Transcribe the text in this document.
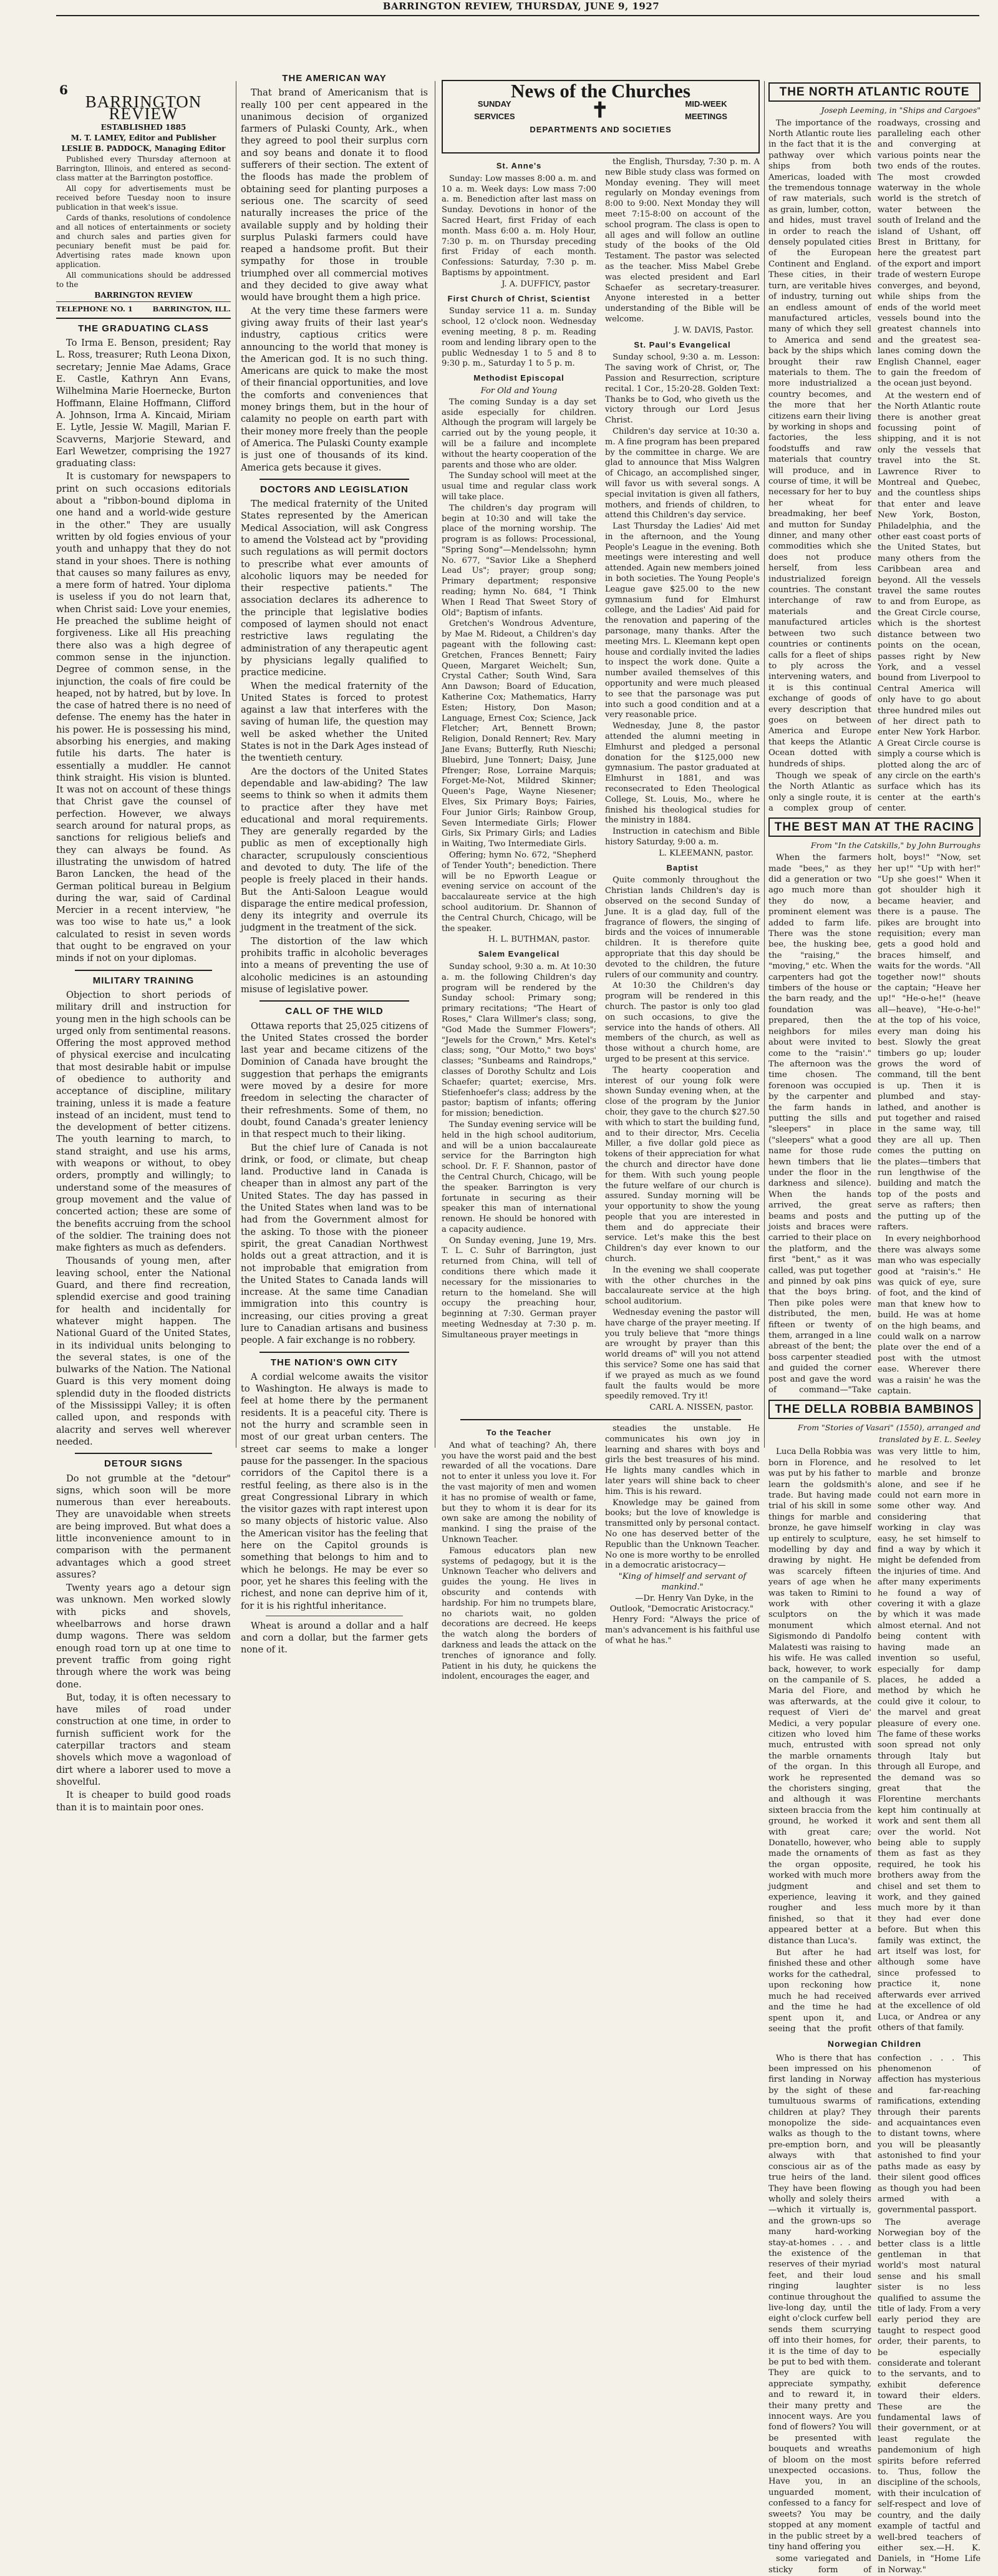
BARRINGTON REVIEW, THURSDAY, JUNE 9, 1927
6
BARRINGTON REVIEW

ESTABLISHED 1885

M. T. LAMEY, Editor and Publisher

LESLIE B. PADDOCK, Managing Editor

Published every Thursday afternoon at Barrington, Illinois, and entered as second-class matter at the Barrington postoffice.

All copy for advertisements must be received before Tuesday noon to insure publication in that week's issue.

Cards of thanks, resolutions of condolence and all notices of entertainments or society and church sales and parties given for pecuniary benefit must be paid for. Advertising rates made known upon application.

All communications should be addressed to the

BARRINGTON REVIEW

TELEPHONE NO. 1	BARRINGTON, ILL.
THE GRADUATING CLASS

To Irma E. Benson, president; Ray L. Ross, treasurer; Ruth Leona Dixon, secretary; Jennie Mae Adams, Grace E. Castle, Kathryn Ann Evans, Wilhelmina Marie Hoernecke, Burton Hoffmann, Elaine Hoffmann, Clifford A. Johnson, Irma A. Kincaid, Miriam E. Lytle, Jessie W. Magill, Marian F. Scavverns, Marjorie Steward, and Earl Wewetzer, comprising the 1927 graduating class:

It is customary for newspapers to print on such occasions editorials about a "ribbon-bound diploma in one hand and a world-wide gesture in the other." They are usually written by old fogies envious of your youth and unhappy that they do not stand in your shoes. There is nothing that causes so many failures as envy, a mere form of hatred. Your diploma is useless if you do not learn that, when Christ said: Love your enemies, He preached the sublime height of forgiveness. Like all His preaching there also was a high degree of common sense in the injunction. Degree of common sense, in the injunction, the coals of fire could be heaped, not by hatred, but by love. In the case of hatred there is no need of defense. The enemy has the hater in his power. He is possessing his mind, absorbing his energies, and making futile his darts. The hater is essentially a muddler. He cannot think straight. His vision is blunted. It was not on account of these things that Christ gave the counsel of perfection. However, we always search around for natural props, as sanctions for religious beliefs and they can always be found. As illustrating the unwisdom of hatred Baron Lancken, the head of the German political bureau in Belgium during the war, said of Cardinal Mercier in a recent interview, "he was too wise to hate us," a look calculated to resist in seven words that ought to be engraved on your minds if not on your diplomas.

MILITARY TRAINING

Objection to short periods of military drill and instruction for young men in the high schools can be urged only from sentimental reasons. Offering the most approved method of physical exercise and inculcating that most desirable habit or impulse of obedience to authority and acceptance of discipline, military training, unless it is made a feature instead of an incident, must tend to the development of better citizens. The youth learning to march, to stand straight, and use his arms, with weapons or without, to obey orders, promptly and willingly; to understand some of the measures of group movement and the value of concerted action; these are some of the benefits accruing from the school of the soldier. The training does not make fighters as much as defenders.

Thousands of young men, after leaving school, enter the National Guard, and there find recreation, splendid exercise and good training for health and incidentally for whatever might happen. The National Guard of the United States, in its individual units belonging to the several states, is one of the bulwarks of the Nation. The National Guard is this very moment doing splendid duty in the flooded districts of the Mississippi Valley; it is often called upon, and responds with alacrity and serves well wherever needed.

DETOUR SIGNS

Do not grumble at the "detour" signs, which soon will be more numerous than ever hereabouts. They are unavoidable when streets are being improved. But what does a little inconvenience amount to in comparison with the permanent advantages which a good street assures?

Twenty years ago a detour sign was unknown. Men worked slowly with picks and shovels, wheelbarrows and horse drawn dump wagons. There was seldom enough road torn up at one time to prevent traffic from going right through where the work was being done.

But, today, it is often necessary to have miles of road under construction at one time, in order to furnish sufficient work for the caterpillar tractors and steam shovels which move a wagonload of dirt where a laborer used to move a shovelful.

It is cheaper to build good roads than it is to maintain poor ones.

THE AMERICAN WAY

That brand of Americanism that is really 100 per cent appeared in the unanimous decision of organized farmers of Pulaski County, Ark., when they agreed to pool their surplus corn and soy beans and donate it to flood sufferers of their section. The extent of the floods has made the problem of obtaining seed for planting purposes a serious one. The scarcity of seed naturally increases the price of the available supply and by holding their surplus Pulaski farmers could have reaped a handsome profit. But their sympathy for those in trouble triumphed over all commercial motives and they decided to give away what would have brought them a high price.

At the very time these farmers were giving away fruits of their last year's industry, captious critics were announcing to the world that money is the American god. It is no such thing. Americans are quick to make the most of their financial opportunities, and love the comforts and conveniences that money brings them, but in the hour of calamity no people on earth part with their money more freely than the people of America. The Pulaski County example is just one of thousands of its kind. America gets because it gives.

DOCTORS AND LEGISLATION

The medical fraternity of the United States represented by the American Medical Association, will ask Congress to amend the Volstead act by "providing such regulations as will permit doctors to prescribe what ever amounts of alcoholic liquors may be needed for their respective patients." The association declares its adherence to the principle that legislative bodies composed of laymen should not enact restrictive laws regulating the administration of any therapeutic agent by physicians legally qualified to practice medicine.

When the medical fraternity of the United States is forced to protest against a law that interferes with the saving of human life, the question may well be asked whether the United States is not in the Dark Ages instead of the twentieth century.

Are the doctors of the United States dependable and law-abiding? The law seems to think so when it admits them to practice after they have met educational and moral requirements. They are generally regarded by the public as men of exceptionally high character, scrupulously conscientious and devoted to duty. The life of the people is freely placed in their hands. But the Anti-Saloon League would disparage the entire medical profession, deny its integrity and overrule its judgment in the treatment of the sick.

The distortion of the law which prohibits traffic in alcoholic beverages into a means of preventing the use of alcoholic medicines is an astounding misuse of legislative power.

CALL OF THE WILD

Ottawa reports that 25,025 citizens of the United States crossed the border last year and became citizens of the Dominion of Canada have brought the suggestion that perhaps the emigrants were moved by a desire for more freedom in selecting the character of their refreshments. Some of them, no doubt, found Canada's greater leniency in that respect much to their liking.

But the chief lure of Canada is not drink, or food, or climate, but cheap land. Productive land in Canada is cheaper than in almost any part of the United States. The day has passed in the United States when land was to be had from the Government almost for the asking. To those with the pioneer spirit, the great Canadian Northwest holds out a great attraction, and it is not improbable that emigration from the United States to Canada lands will increase. At the same time Canadian immigration into this country is increasing, our cities proving a great lure to Canadian artisans and business people. A fair exchange is no robbery.

THE NATION'S OWN CITY

A cordial welcome awaits the visitor to Washington. He always is made to feel at home there by the permanent residents. It is a peaceful city. There is not the hurry and scramble seen in most of our great urban centers. The street car seems to make a longer pause for the passenger. In the spacious corridors of the Capitol there is a restful feeling, as there also is in the great Congressional Library in which the visitor gazes with rapt interest upon so many objects of historic value. Also the American visitor has the feeling that here on the Capitol grounds is something that belongs to him and to which he belongs. He may be ever so poor, yet he shares this feeling with the richest, and none can deprive him of it, for it is his rightful inheritance.

Wheat is around a dollar and a half and corn a dollar, but the farmer gets none of it.

News of the Churches
SUNDAY
SERVICES	✝	MID-WEEK
MEETINGS
DEPARTMENTS AND SOCIETIES
St. Anne's

Sunday: Low masses 8:00 a. m. and 10 a. m. Week days: Low mass 7:00 a. m. Benediction after last mass on Sunday. Devotions in honor of the Sacred Heart, first Friday of each month. Mass 6:00 a. m. Holy Hour, 7:30 p. m. on Thursday preceding first Friday of each month. Confessions: Saturday, 7:30 p. m. Baptisms by appointment.

J. A. DUFFICY, pastor

First Church of Christ, Scientist

Sunday service 11 a. m. Sunday school, 12 o'clock noon. Wednesday evening meeting, 8 p. m. Reading room and lending library open to the public Wednesday 1 to 5 and 8 to 9:30 p. m., Saturday 1 to 5 p. m.

Methodist Episcopal

For Old and Young

The coming Sunday is a day set aside especially for children. Although the program will largely be carried out by the young people, it will be a failure and incomplete without the hearty cooperation of the parents and those who are older.

The Sunday school will meet at the usual time and regular class work will take place.

The children's day program will begin at 10:30 and will take the place of the morning worship. The program is as follows: Processional, "Spring Song"—Mendelssohn; hymn No. 677, "Savior Like a Shepherd Lead Us"; prayer; group song; Primary department; responsive reading; hymn No. 684, "I Think When I Read That Sweet Story of Old"; Baptism of infants.

Gretchen's Wondrous Adventure, by Mae M. Rideout, a Children's day pageant with the following cast: Gretchen, Frances Bennett; Fairy Queen, Margaret Weichelt; Sun, Crystal Cather; South Wind, Sara Ann Dawson; Board of Education, Katherine Cox; Mathematics, Harry Esten; History, Don Mason; Language, Ernest Cox; Science, Jack Fletcher; Art, Bennett Brown; Religion, Donald Rennert; Rev. Mary Jane Evans; Butterfly, Ruth Nieschi; Bluebird, June Tonnert; Daisy, June Pfrenger; Rose, Lorraine Marquis; Forget-Me-Not, Mildred Skinner; Queen's Page, Wayne Niesener; Elves, Six Primary Boys; Fairies, Four Junior Girls; Rainbow Group, Seven Intermediate Girls; Flower Girls, Six Primary Girls; and Ladies in Waiting, Two Intermediate Girls.

Offering; hymn No. 672, "Shepherd of Tender Youth"; benediction. There will be no Epworth League or evening service on account of the baccalaureate service at the high school auditorium. Dr. Shannon of the Central Church, Chicago, will be the speaker.

H. L. BUTHMAN, pastor.

Salem Evangelical

Sunday school, 9:30 a. m. At 10:30 a. m. the following Children's day program will be rendered by the Sunday school: Primary song; primary recitations; "The Heart of Roses," Clara Willmer's class; song, "God Made the Summer Flowers"; "Jewels for the Crown," Mrs. Ketel's class; song, "Our Motto," two boys' classes; "Sunbeams and Raindrops," classes of Dorothy Schultz and Lois Schaefer; quartet; exercise, Mrs. Stiefenhoefer's class; address by the pastor; baptism of infants; offering for mission; benediction.

The Sunday evening service will be held in the high school auditorium, and will be a union baccalaureate service for the Barrington high school. Dr. F. F. Shannon, pastor of the Central Church, Chicago, will be the speaker. Barrington is very fortunate in securing as their speaker this man of international renown. He should be honored with a capacity audience.

On Sunday evening, June 19, Mrs. T. L. C. Suhr of Barrington, just returned from China, will tell of conditions there which made it necessary for the missionaries to return to the homeland. She will occupy the preaching hour, beginning at 7:30. German prayer meeting Wednesday at 7:30 p. m. Simultaneous prayer meetings in

the English, Thursday, 7:30 p. m. A new Bible study class was formed on Monday evening. They will meet regularly on Monday evenings from 8:00 to 9:00. Next Monday they will meet 7:15-8:00 on account of the school program. The class is open to all ages and will follow an outline study of the books of the Old Testament. The pastor was selected as the teacher. Miss Mabel Grebe was elected president and Earl Schaefer as secretary-treasurer. Anyone interested in a better understanding of the Bible will be welcome.

J. W. DAVIS, Pastor.

St. Paul's Evangelical

Sunday school, 9:30 a. m. Lesson: The saving work of Christ, or, The Passion and Resurrection, scripture recital. 1 Cor., 15:20-28. Golden Text: Thanks be to God, who giveth us the victory through our Lord Jesus Christ.

Children's day service at 10:30 a. m. A fine program has been prepared by the committee in charge. We are glad to announce that Miss Walgren of Chicago, an accomplished singer, will favor us with several songs. A special invitation is given all fathers, mothers, and friends of children, to attend this Children's day service.

Last Thursday the Ladies' Aid met in the afternoon, and the Young People's League in the evening. Both meetings were interesting and well attended. Again new members joined in both societies. The Young People's League gave $25.00 to the new gymnasium fund for Elmhurst college, and the Ladies' Aid paid for the renovation and papering of the parsonage, many thanks. After the meeting Mrs. L. Kleemann kept open house and cordially invited the ladies to inspect the work done. Quite a number availed themselves of this opportunity and were much pleased to see that the parsonage was put into such a good condition and at a very reasonable price.

Wednesday, June 8, the pastor attended the alumni meeting in Elmhurst and pledged a personal donation for the $125,000 new gymnasium. The pastor graduated at Elmhurst in 1881, and was reconsecrated to Eden Theological College, St. Louis, Mo., where he finished his theological studies for the ministry in 1884.

Instruction in catechism and Bible history Saturday, 9:00 a. m.

L. KLEEMANN, pastor.

Baptist

Quite commonly throughout the Christian lands Children's day is observed on the second Sunday of June. It is a glad day, full of the fragrance of flowers, the singing of birds and the voices of innumerable children. It is therefore quite appropriate that this day should be devoted to the children, the future rulers of our community and country.

At 10:30 the Children's day program will be rendered in this church. The pastor is only too glad on such occasions, to give the service into the hands of others. All members of the church, as well as those without a church home, are urged to be present at this service.

The hearty cooperation and interest of our young folk were shown Sunday evening when, at the close of the program by the Junior choir, they gave to the church $27.50 with which to start the building fund, and to their director, Mrs. Cecelia Miller, a five dollar gold piece as tokens of their appreciation for what the church and director have done for them. With such young people the future welfare of our church is assured. Sunday morning will be your opportunity to show the young people that you are interested in them and do appreciate their service. Let's make this the best Children's day ever known to our church.

In the evening we shall cooperate with the other churches in the baccalaureate service at the high school auditorium.

Wednesday evening the pastor will have charge of the prayer meeting. If you truly believe that "more things are wrought by prayer than this world dreams of" will you not attend this service? Some one has said that if we prayed as much as we found fault the faults would be more speedily removed. Try it!

CARL A. NISSEN, pastor.

To the Teacher

And what of teaching? Ah, there you have the worst paid and the best rewarded of all the vocations. Dare not to enter it unless you love it. For the vast majority of men and women it has no promise of wealth or fame, but they to whom it is dear for its own sake are among the nobility of mankind. I sing the praise of the Unknown Teacher.

Famous educators plan new systems of pedagogy, but it is the Unknown Teacher who delivers and guides the young. He lives in obscurity and contends with hardship. For him no trumpets blare, no chariots wait, no golden decorations are decreed. He keeps the watch along the borders of darkness and leads the attack on the trenches of ignorance and folly. Patient in his duty, he quickens the indolent, encourages the eager, and

steadies the unstable. He communicates his own joy in learning and shares with boys and girls the best treasures of his mind. He lights many candles which in later years will shine back to cheer him. This is his reward.

Knowledge may be gained from books; but the love of knowledge is transmitted only by personal contact. No one has deserved better of the Republic than the Unknown Teacher. No one is more worthy to be enrolled in a democratic aristocracy—

"King of himself and servant of mankind."

—Dr. Henry Van Dyke, in the Outlook, "Democratic Aristocracy."

Henry Ford: "Always the price of man's advancement is his faithful use of what he has."

THE NORTH ATLANTIC ROUTE

Joseph Leeming, in "Ships and Cargoes"

The importance of the North Atlantic route lies in the fact that it is the pathway over which ships from both Americas, loaded with the tremendous tonnage of raw materials, such as grain, lumber, cotton, and hides, must travel in order to reach the densely populated cities of the European Continent and England. These cities, in their turn, are veritable hives of industry, turning out an endless amount of manufactured articles, many of which they sell to America and send back by the ships which brought their raw materials to them. The more industrialized a country becomes, and the more that her citizens earn their living by working in shops and factories, the less foodstuffs and raw materials that country will produce, and in course of time, it will be necessary for her to buy her wheat for breadmaking, her beef and mutton for Sunday dinner, and many other commodities which she does not produce herself, from less industrialized foreign countries. The constant interchange of raw materials and manufactured articles between two such countries or continents calls for a fleet of ships to ply across the intervening waters, and it is this continual exchange of goods of every description that goes on between America and Europe that keeps the Atlantic Ocean dotted with hundreds of ships.

Though we speak of the North Atlantic as only a single route, it is a complex group of roadways, crossing and paralleling each other and converging at various points near the two ends of the routes. The most crowded waterway in the whole world is the stretch of water between the south of Ireland and the island of Ushant, off Brest in Brittany, for here the greatest part of the export and import trade of western Europe converges, and beyond, while ships from the ends of the world meet vessels bound into the greatest channels into and the greatest sea-lanes coming down the English Channel, eager to gain the freedom of the ocean just beyond.

At the western end of the North Atlantic route there is another great focussing point of shipping, and it is not only the vessels that travel into the St. Lawrence River to Montreal and Quebec, and the countless ships that enter and leave New York, Boston, Philadelphia, and the other east coast ports of the United States, but many others from the Caribbean area and beyond. All the vessels travel the same routes to and from Europe, as the Great Circle course, which is the shortest distance between two points on the ocean, passes right by New York, and a vessel bound from Liverpool to Central America will only have to go about three hundred miles out of her direct path to enter New York Harbor. A Great Circle course is simply a course which is plotted along the arc of any circle on the earth's surface which has its center at the earth's center.

THE BEST MAN AT THE RACING

From "In the Catskills," by John Burroughs

When the farmers made "bees," as they did a generation or two ago much more than they do now, a prominent element was added to farm life. There was the stone bee, the husking bee, the "raising," the "moving," etc. When the carpenters had got the timbers of the house or the barn ready, and the foundation was prepared, then the neighbors for miles about were invited to come to the "raisin'." The afternoon was the time chosen. The forenoon was occupied by the carpenter and the farm hands in putting the sills and "sleepers" in place ("sleepers" what a good name for those rude hewn timbers that lie under the floor in the darkness and silence). When the hands arrived, the great beams and posts and joists and braces were carried to their place on the platform, and the first "bent," as it was called, was put together and pinned by oak pins that the boys bring. Then pike poles were distributed, the men, fifteen or twenty of them, arranged in a line abreast of the bent; the boss carpenter steadied and guided the corner post and gave the word of command—"Take holt, boys!" "Now, set her up!" "Up with her!" "Up she goes!" When it got shoulder high it became heavier, and there is a pause. The pikes are brought into requisition; every man gets a good hold and braces himself, and waits for the words. "All together now!" shouts the captain; "Heave her up!" "He-o-he!" (heave all—heave), "He-o-he!" at the top of his voice, every man doing his best. Slowly the great timbers go up; louder grows the word of command, till the bent is up. Then it is plumbed and stay-lathed, and another is put together and raised in the same way, till they are all up. Then comes the putting on the plates—timbers that run lengthwise of the building and match the top of the posts and serve as rafters; then the putting up of the rafters.

In every neighborhood there was always some man who was especially good at "raisin's." He was quick of eye, sure of foot, and the kind of man that knew how to build. He was at home on the high beams, and could walk on a narrow plate over the end of a post with the utmost ease. Wherever there was a raisin' he was the captain.

THE DELLA ROBBIA BAMBINOS

From "Stories of Vasari" (1550), arranged and translated by E. L. Seeley

Luca Della Robbia was born in Florence, and was put by his father to learn the goldsmith's trade. But having made trial of his skill in some things for marble and bronze, he gave himself up entirely to sculpture, modelling by day and drawing by night. He was scarcely fifteen years of age when he was taken to Rimini to work with other sculptors on the monument which Sigismondo di Pandolfo Malatesti was raising to his wife. He was called back, however, to work on the campanile of S. Maria del Fiore, and was afterwards, at the request of Vieri de' Medici, a very popular citizen who loved him much, entrusted with the marble ornaments of the organ. In this work he represented the choristers singing, and although it was sixteen braccia from the ground, he worked it with great care; Donatello, however, who made the ornaments of the organ opposite, worked with much more judgment and experience, leaving it rougher and less finished, so that it appeared better at a distance than Luca's.

But after he had finished these and other works for the cathedral, upon reckoning how much he had received and the time he had spent upon it, and seeing that the profit was very little to him, he resolved to let marble and bronze alone, and see if he could not earn more in some other way. And considering that working in clay was easy, he set himself to find a way by which it might be defended from the injuries of time. And after many experiments he found a way of covering it with a glaze by which it was made almost eternal. And not being content with having made an invention so useful, especially for damp places, he added a method by which he could give it colour, to the marvel and great pleasure of every one. The fame of these works soon spread not only through Italy but through all Europe, and the demand was so great that the Florentine merchants kept him continually at work and sent them all over the world. Not being able to supply them as fast as they required, he took his brothers away from the chisel and set them to work, and they gained much more by it than they had ever done before. But when this family was extinct, the art itself was lost, for although some have since professed to practice it, none afterwards ever arrived at the excellence of old Luca, or Andrea or any others of that family.

Norwegian Children

Who is there that has been impressed on his first landing in Norway by the sight of these tumultuous swarms of children at play? They monopolize the side-walks as though to the pre-emption born, and always with that conscious air as of the true heirs of the land. They have been flowing wholly and solely theirs—which it virtually is, and the grown-ups so many hard-working stay-at-homes . . . and the existence of the reserves of their myriad feet, and their loud ringing laughter continue throughout the live-long day, until the eight o'clock curfew bell sends them scurrying off into their homes, for it is the time of day to be put to bed with them. They are quick to appreciate sympathy, and to reward it, in their many pretty and innocent ways. Are you fond of flowers? You will be presented with bouquets and wreaths of bloom on the most unexpected occasions. Have you, in an unguarded moment, confessed to a fancy for sweets? You may be stopped at any moment in the public street by a tiny hand offering you

some variegated and sticky form of confection . . . This phenomenon of affection has mysterious and far-reaching ramifications, extending through their parents and acquaintances even to distant towns, where you will be pleasantly astonished to find your paths made as easy by their silent good offices as though you had been armed with a governmental passport.

The average Norwegian boy of the better class is a little gentleman in that world's most natural sense and his small sister is no less qualified to assume the title of lady. From a very early period they are taught to respect good order, their parents, to be especially considerate and tolerant to the servants, and to exhibit deference toward their elders. These are the fundamental laws of their government, or at least regulate the pandemonium of high spirits before referred to. Thus, follow the discipline of the schools, with their inculcation of self-respect and love of country, and the daily example of tactful and well-bred teachers of either sex.—H. K. Daniels, in "Home Life in Norway."
